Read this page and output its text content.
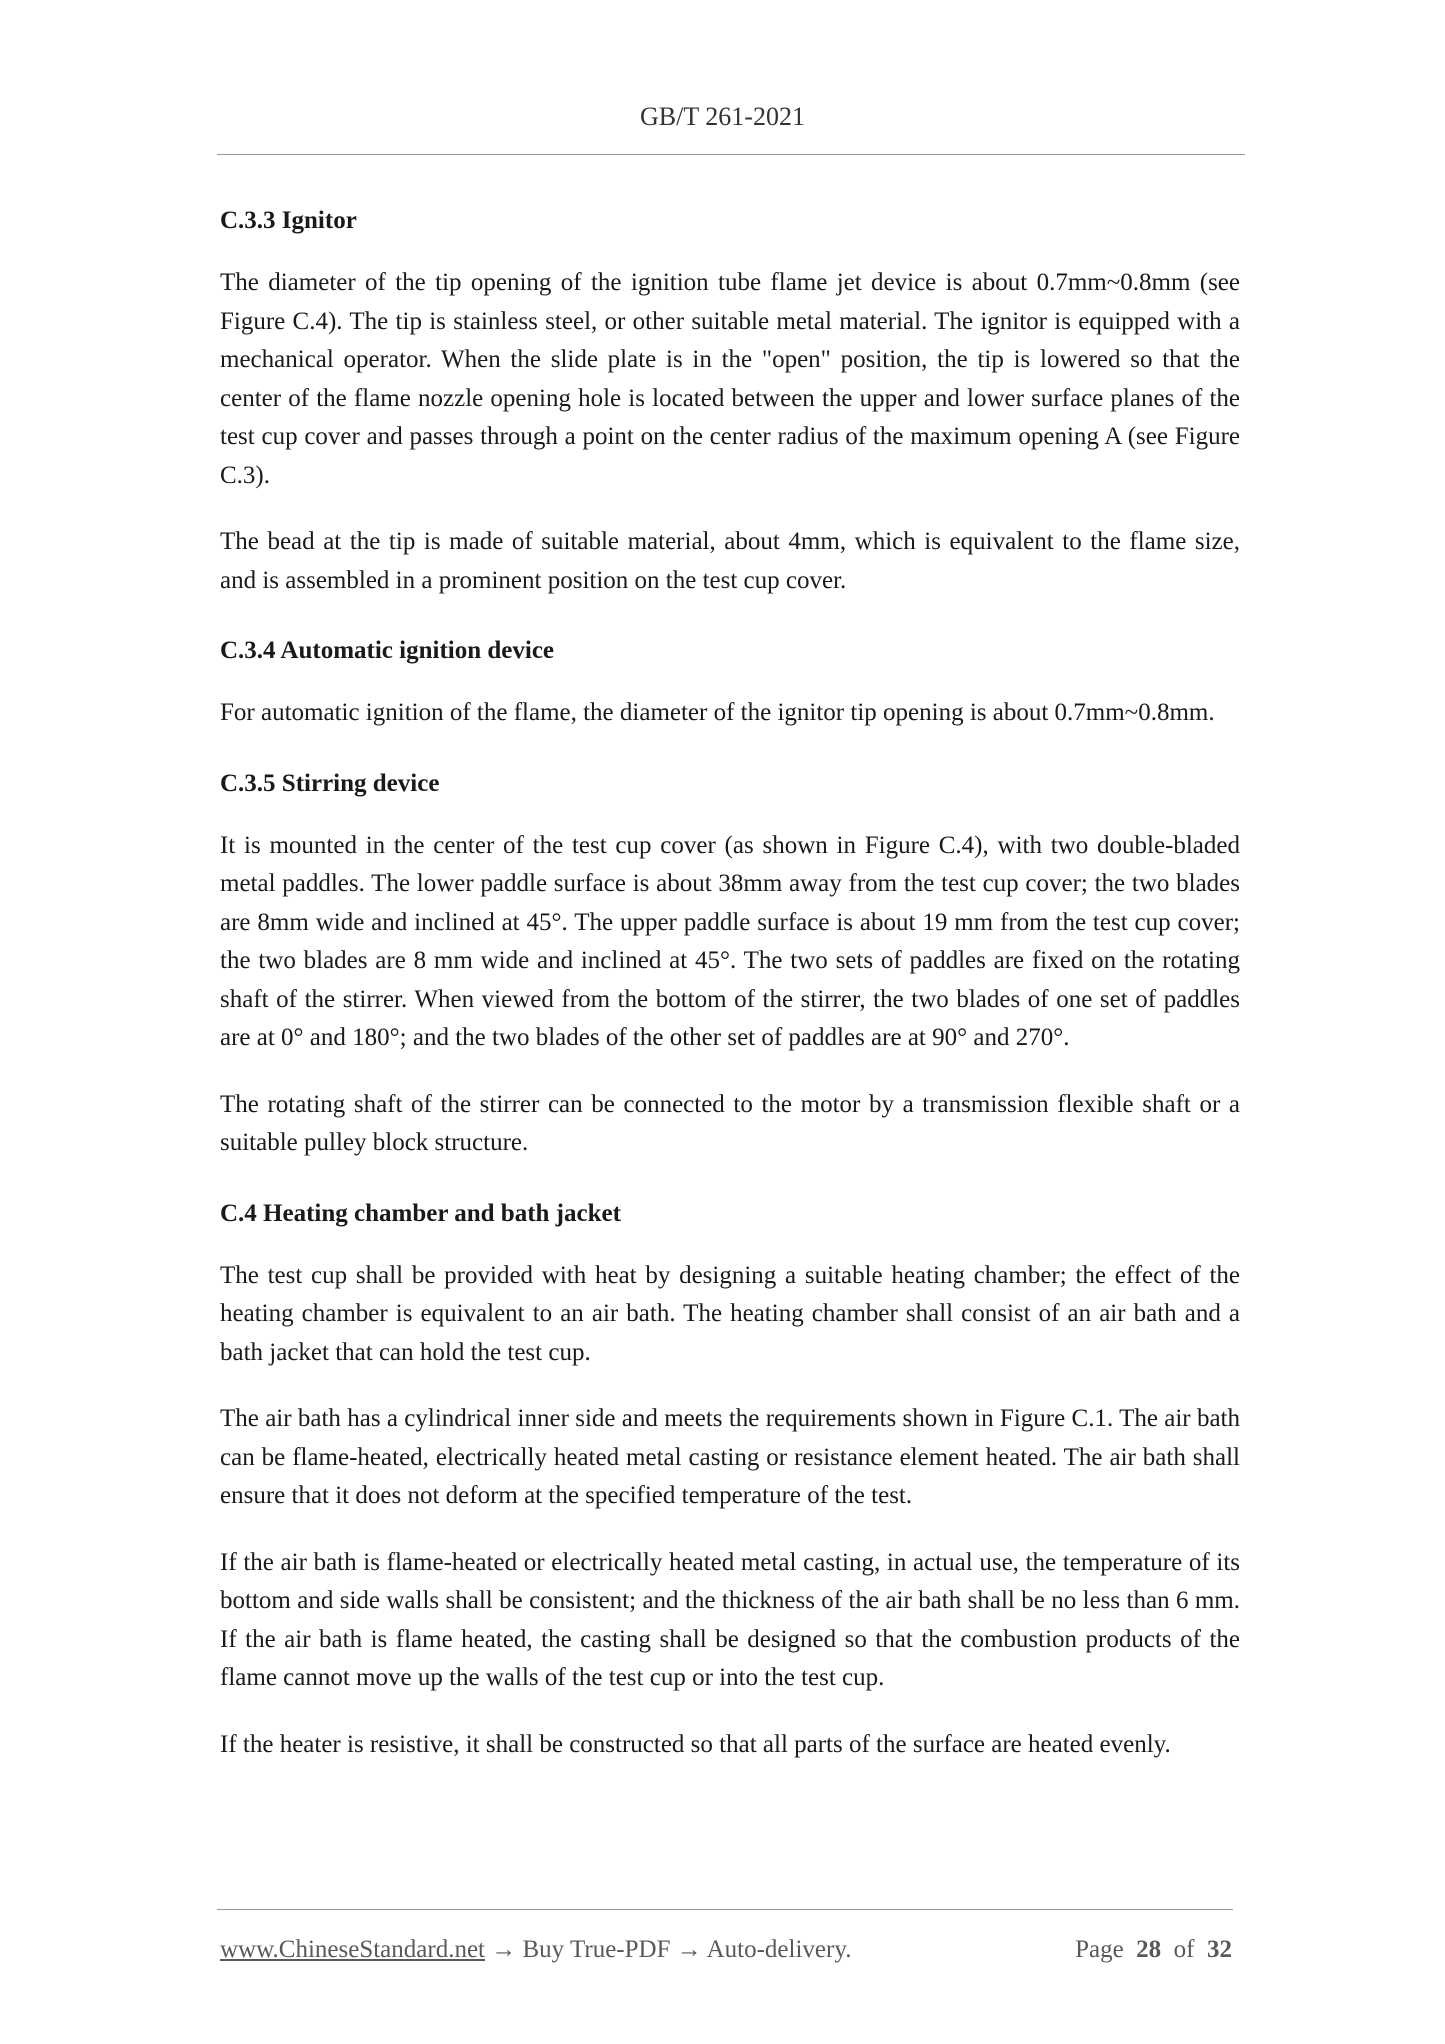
GB/T 261-2021
C.3.3 Ignitor

The diameter of the tip opening of the ignition tube flame jet device is about 0.7mm~0.8mm (see Figure C.4). The tip is stainless steel, or other suitable metal material. The ignitor is equipped with a mechanical operator. When the slide plate is in the "open" position, the tip is lowered so that the center of the flame nozzle opening hole is located between the upper and lower surface planes of the test cup cover and passes through a point on the center radius of the maximum opening A (see Figure C.3).

The bead at the tip is made of suitable material, about 4mm, which is equivalent to the flame size, and is assembled in a prominent position on the test cup cover.

C.3.4 Automatic ignition device

For automatic ignition of the flame, the diameter of the ignitor tip opening is about 0.7mm~0.8mm.

C.3.5 Stirring device

It is mounted in the center of the test cup cover (as shown in Figure C.4), with two double-bladed metal paddles. The lower paddle surface is about 38mm away from the test cup cover; the two blades are 8mm wide and inclined at 45°. The upper paddle surface is about 19 mm from the test cup cover; the two blades are 8 mm wide and inclined at 45°. The two sets of paddles are fixed on the rotating shaft of the stirrer. When viewed from the bottom of the stirrer, the two blades of one set of paddles are at 0° and 180°; and the two blades of the other set of paddles are at 90° and 270°.

The rotating shaft of the stirrer can be connected to the motor by a transmission flexible shaft or a suitable pulley block structure.

C.4 Heating chamber and bath jacket

The test cup shall be provided with heat by designing a suitable heating chamber; the effect of the heating chamber is equivalent to an air bath. The heating chamber shall consist of an air bath and a bath jacket that can hold the test cup.

The air bath has a cylindrical inner side and meets the requirements shown in Figure C.1. The air bath can be flame-heated, electrically heated metal casting or resistance element heated. The air bath shall ensure that it does not deform at the specified temperature of the test.

If the air bath is flame-heated or electrically heated metal casting, in actual use, the temperature of its bottom and side walls shall be consistent; and the thickness of the air bath shall be no less than 6 mm. If the air bath is flame heated, the casting shall be designed so that the combustion products of the flame cannot move up the walls of the test cup or into the test cup.

If the heater is resistive, it shall be constructed so that all parts of the surface are heated evenly.

www.ChineseStandard.net → Buy True-PDF → Auto-delivery.	Page 28 of 32
